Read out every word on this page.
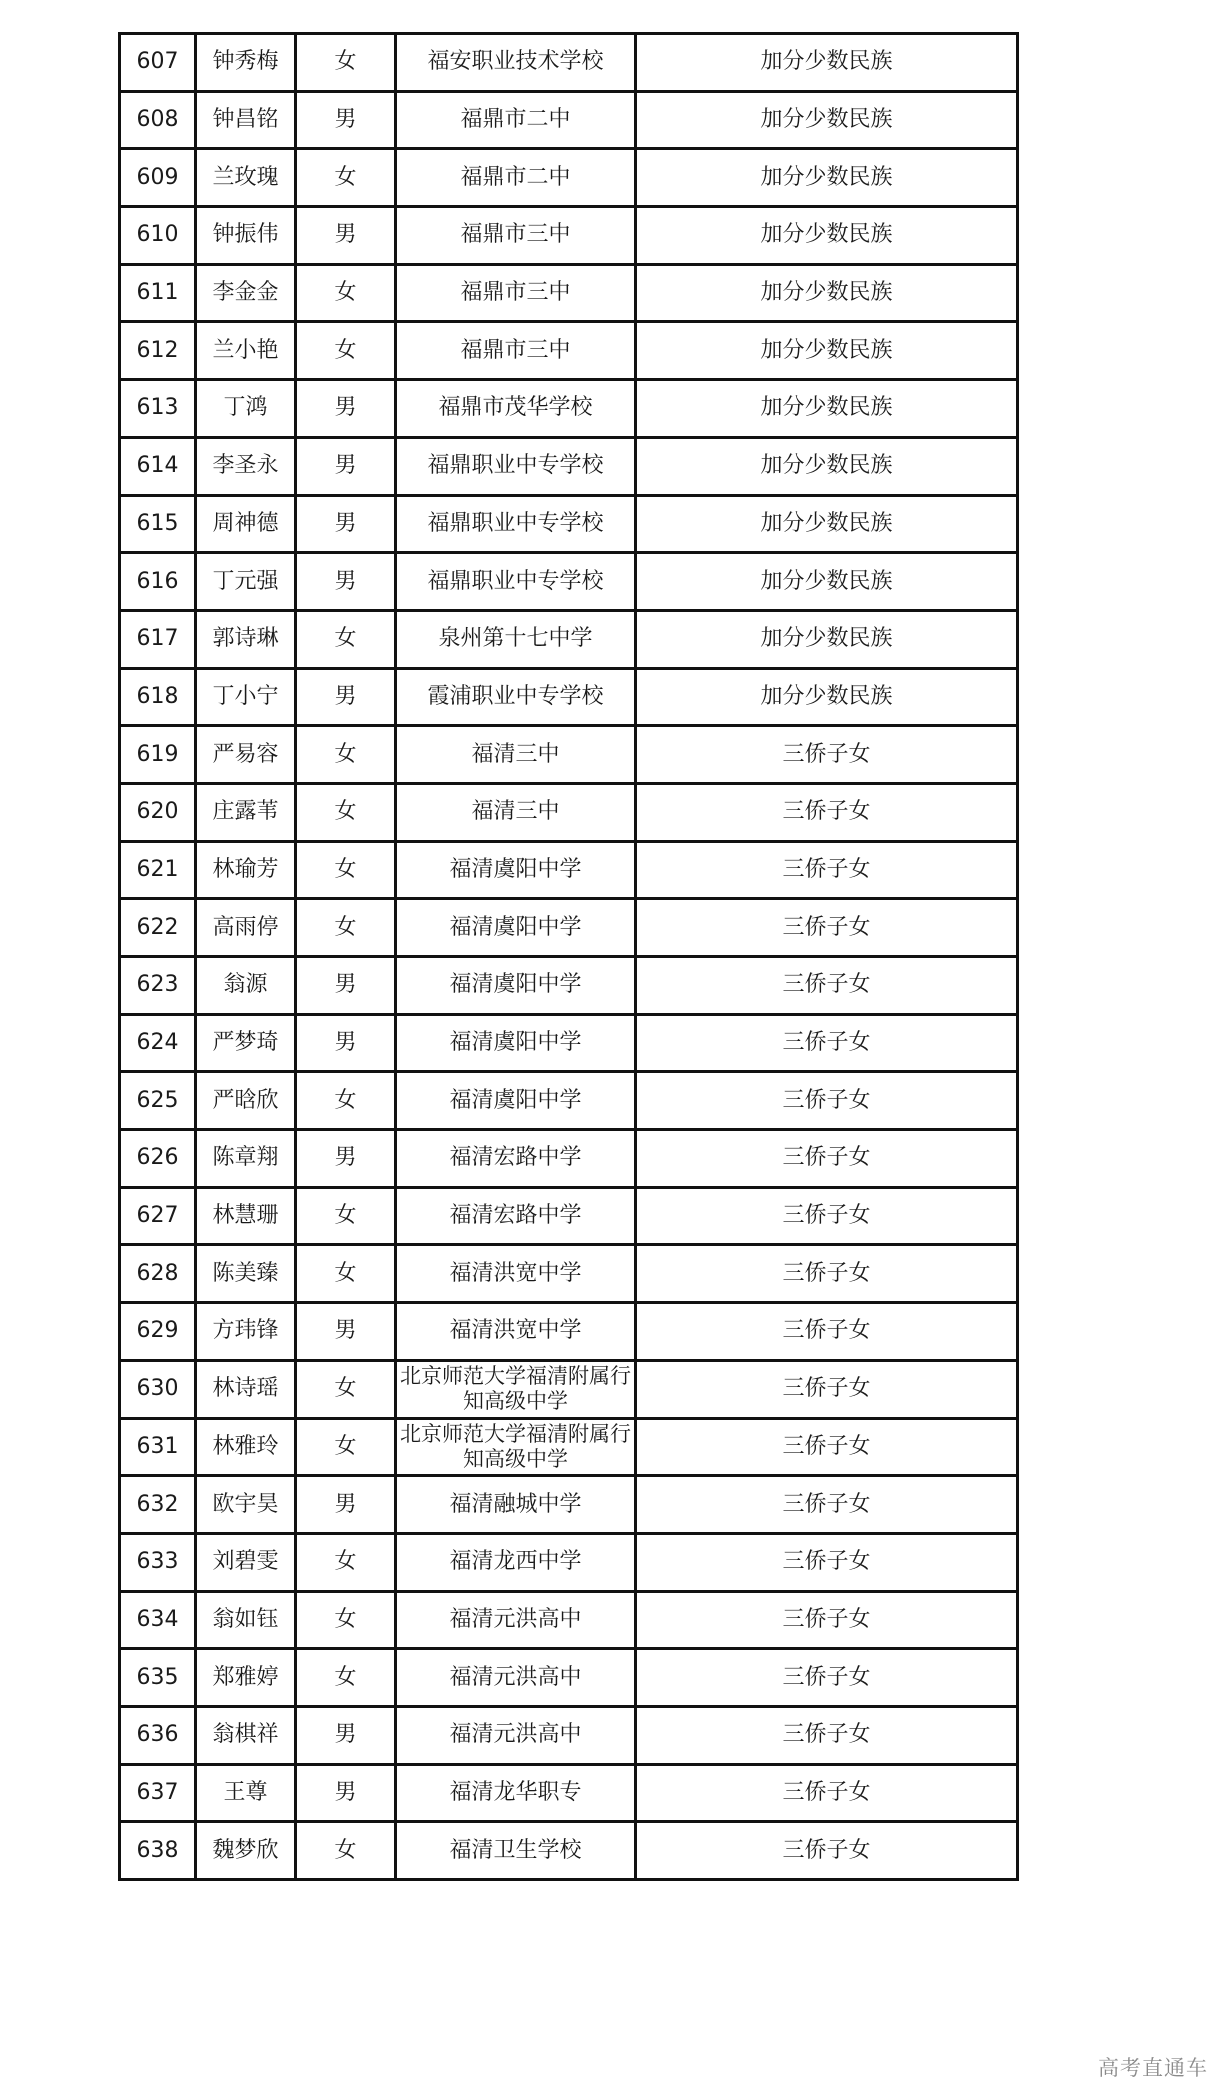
607	钟秀梅	女	福安职业技术学校	加分少数民族
608	钟昌铭	男	福鼎市二中	加分少数民族
609	兰玫瑰	女	福鼎市二中	加分少数民族
610	钟振伟	男	福鼎市三中	加分少数民族
611	李金金	女	福鼎市三中	加分少数民族
612	兰小艳	女	福鼎市三中	加分少数民族
613	丁鸿	男	福鼎市茂华学校	加分少数民族
614	李圣永	男	福鼎职业中专学校	加分少数民族
615	周神德	男	福鼎职业中专学校	加分少数民族
616	丁元强	男	福鼎职业中专学校	加分少数民族
617	郭诗琳	女	泉州第十七中学	加分少数民族
618	丁小宁	男	霞浦职业中专学校	加分少数民族
619	严易容	女	福清三中	三侨子女
620	庄露苇	女	福清三中	三侨子女
621	林瑜芳	女	福清虞阳中学	三侨子女
622	高雨停	女	福清虞阳中学	三侨子女
623	翁源	男	福清虞阳中学	三侨子女
624	严梦琦	男	福清虞阳中学	三侨子女
625	严晗欣	女	福清虞阳中学	三侨子女
626	陈章翔	男	福清宏路中学	三侨子女
627	林慧珊	女	福清宏路中学	三侨子女
628	陈美臻	女	福清洪宽中学	三侨子女
629	方玮锋	男	福清洪宽中学	三侨子女
630	林诗瑶	女	北京师范大学福清附属行知高级中学	三侨子女
631	林雅玲	女	北京师范大学福清附属行知高级中学	三侨子女
632	欧宇昊	男	福清融城中学	三侨子女
633	刘碧雯	女	福清龙西中学	三侨子女
634	翁如钰	女	福清元洪高中	三侨子女
635	郑雅婷	女	福清元洪高中	三侨子女
636	翁棋祥	男	福清元洪高中	三侨子女
637	王尊	男	福清龙华职专	三侨子女
638	魏梦欣	女	福清卫生学校	三侨子女
高考直通车
